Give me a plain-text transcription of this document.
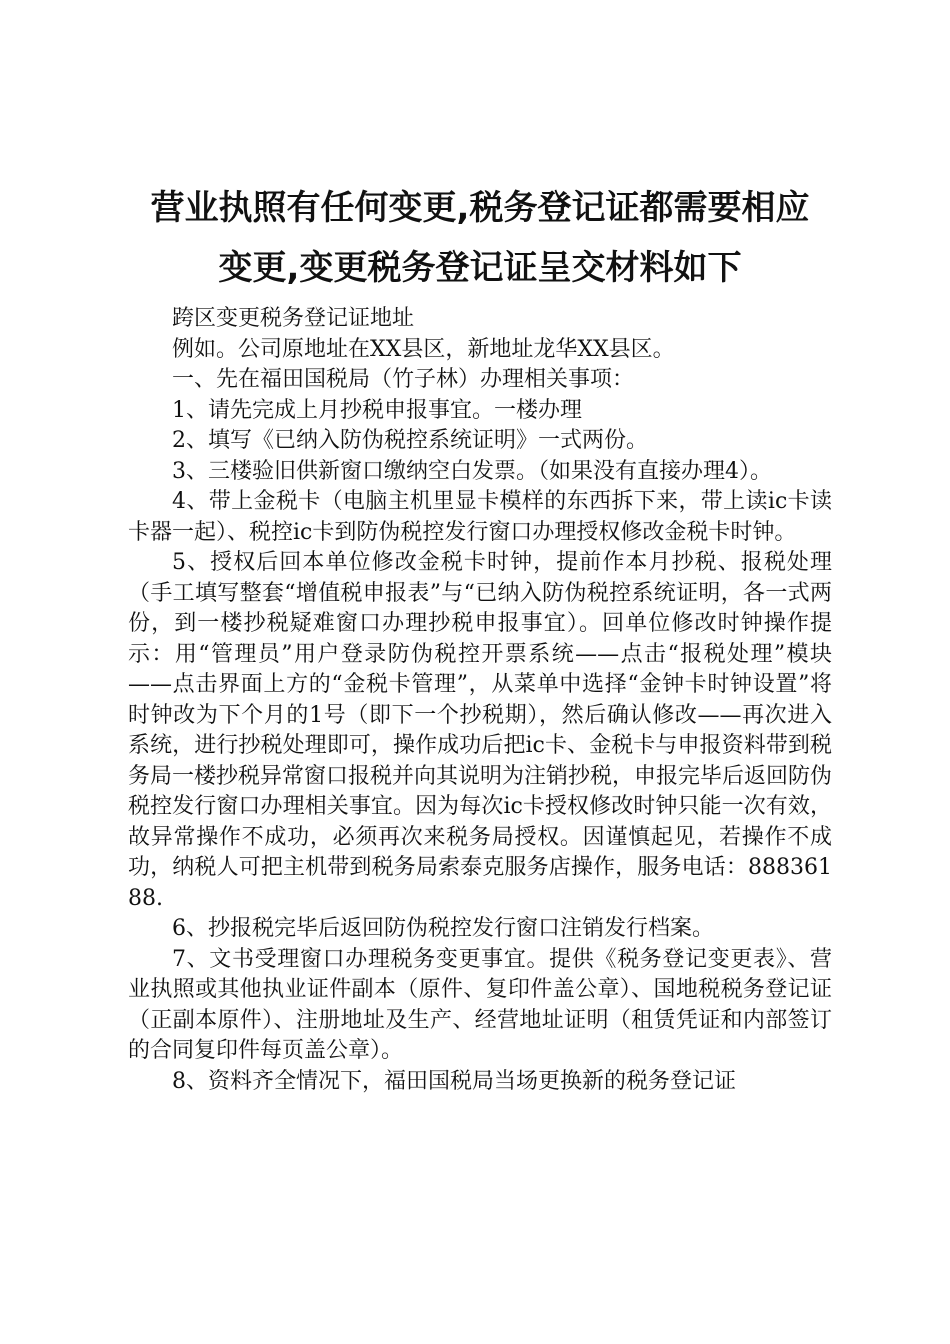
营业执照有任何变更,税务登记证都需要相应
变更,变更税务登记证呈交材料如下

跨区变更税务登记证地址

例如。公司原地址在XX县区，新地址龙华XX县区。

一、先在福田国税局（竹子林）办理相关事项：

1、请先完成上月抄税申报事宜。一楼办理

2、填写《已纳入防伪税控系统证明》一式两份。

3、三楼验旧供新窗口缴纳空白发票。（如果没有直接办理4）。

4、带上金税卡（电脑主机里显卡模样的东西拆下来，带上读ic卡读卡器一起）、税控ic卡到防伪税控发行窗口办理授权修改金税卡时钟。

5、授权后回本单位修改金税卡时钟，提前作本月抄税、报税处理（手工填写整套“增值税申报表”与“已纳入防伪税控系统证明，各一式两份，到一楼抄税疑难窗口办理抄税申报事宜）。回单位修改时钟操作提示：用“管理员”用户登录防伪税控开票系统——点击“报税处理”模块——点击界面上方的“金税卡管理”，从菜单中选择“金钟卡时钟设置”将时钟改为下个月的1号（即下一个抄税期），然后确认修改——再次进入系统，进行抄税处理即可，操作成功后把ic卡、金税卡与申报资料带到税务局一楼抄税异常窗口报税并向其说明为注销抄税，申报完毕后返回防伪税控发行窗口办理相关事宜。因为每次ic卡授权修改时钟只能一次有效，故异常操作不成功，必须再次来税务局授权。因谨慎起见，若操作不成功，纳税人可把主机带到税务局索泰克服务店操作，服务电话：88836188.

6、抄报税完毕后返回防伪税控发行窗口注销发行档案。

7、文书受理窗口办理税务变更事宜。提供《税务登记变更表》、营业执照或其他执业证件副本（原件、复印件盖公章）、国地税税务登记证（正副本原件）、注册地址及生产、经营地址证明（租赁凭证和内部签订的合同复印件每页盖公章）。

8、资料齐全情况下，福田国税局当场更换新的税务登记证
